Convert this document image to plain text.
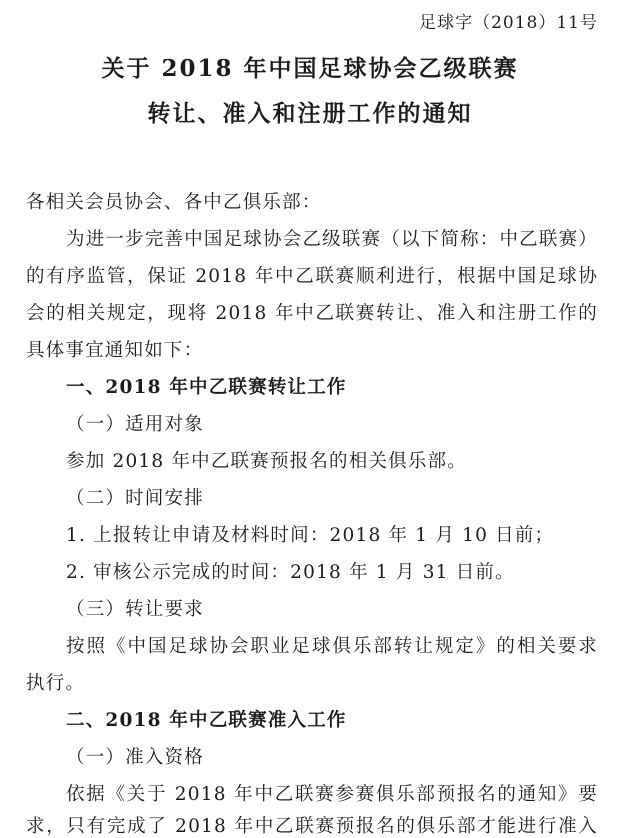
足球字（2018）11号
关于 2018 年中国足球协会乙级联赛
转让、准入和注册工作的通知
各相关会员协会、各中乙俱乐部：
为进一步完善中国足球协会乙级联赛（以下简称：中乙联赛）
的有序监管，保证 2018 年中乙联赛顺利进行，根据中国足球协
会的相关规定，现将 2018 年中乙联赛转让、准入和注册工作的
具体事宜通知如下：
一、2018 年中乙联赛转让工作
（一）适用对象
参加 2018 年中乙联赛预报名的相关俱乐部。
（二）时间安排
1. 上报转让申请及材料时间：2018 年 1 月 10 日前；
2. 审核公示完成的时间：2018 年 1 月 31 日前。
（三）转让要求
按照《中国足球协会职业足球俱乐部转让规定》的相关要求
执行。
二、2018 年中乙联赛准入工作
（一）准入资格
依据《关于 2018 年中乙联赛参赛俱乐部预报名的通知》要
求，只有完成了 2018 年中乙联赛预报名的俱乐部才能进行准入
